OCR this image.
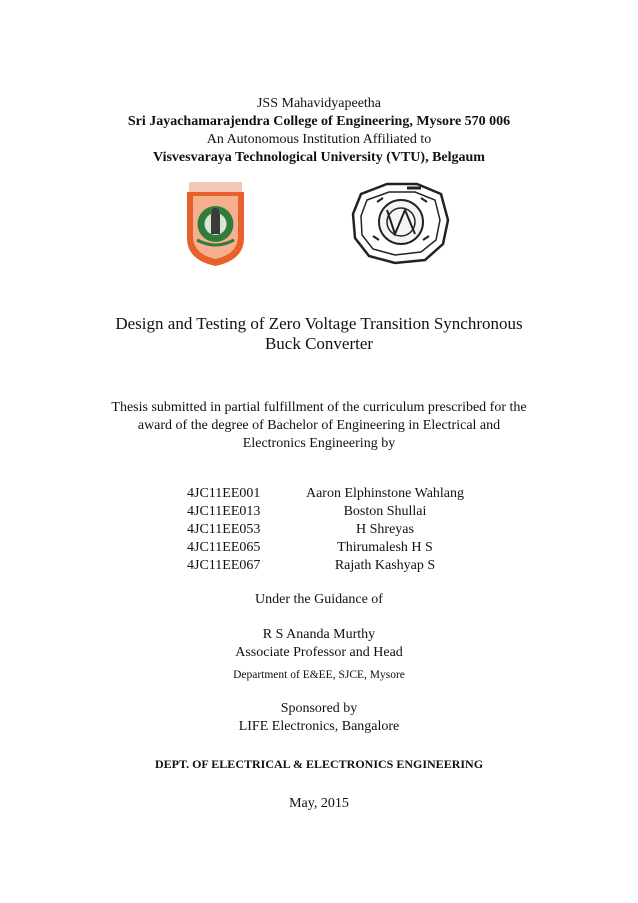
JSS Mahavidyapeetha
Sri Jayachamarajendra College of Engineering, Mysore 570 006
An Autonomous Institution Affiliated to
Visvesvaraya Technological University (VTU), Belgaum
Design and Testing of Zero Voltage Transition Synchronous
Buck Converter
Thesis submitted in partial fulfillment of the curriculum prescribed for the
award of the degree of Bachelor of Engineering in Electrical and
Electronics Engineering by
4JC11EE001	Aaron Elphinstone Wahlang
4JC11EE013	Boston Shullai
4JC11EE053	H Shreyas
4JC11EE065	Thirumalesh H S
4JC11EE067	Rajath Kashyap S
Under the Guidance of
R S Ananda Murthy
Associate Professor and Head
Department of E&EE, SJCE, Mysore
Sponsored by
LIFE Electronics, Bangalore
DEPT. OF ELECTRICAL & ELECTRONICS ENGINEERING
May, 2015
